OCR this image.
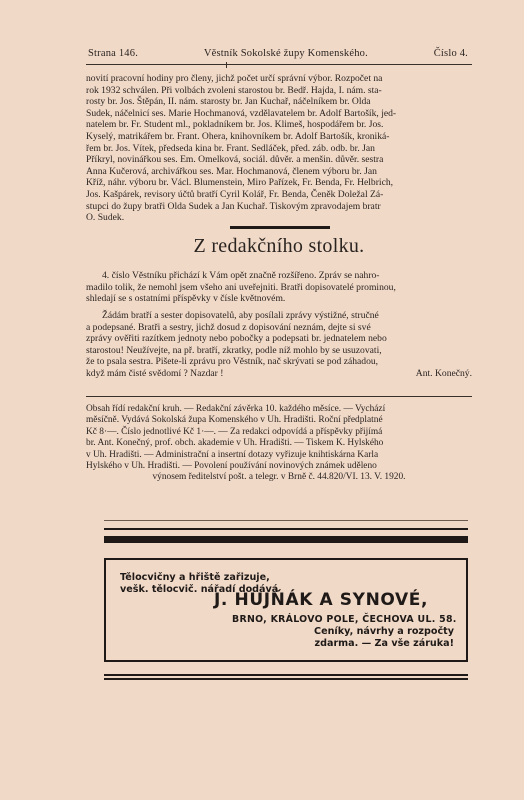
Strana 146.	Věstník Sokolské župy Komenského.	Číslo 4.

novití pracovní hodiny pro členy, jichž počet určí správní výbor. Rozpočet na

rok 1932 schválen. Při volbách zvoleni starostou br. Bedř. Hajda, I. nám. sta-

rosty br. Jos. Štěpán, II. nám. starosty br. Jan Kuchař, náčelníkem br. Olda

Sudek, náčelnicí ses. Marie Hochmanová, vzdělavatelem br. Adolf Bartošík, jed-

natelem br. Fr. Student ml., pokladníkem br. Jos. Klimeš, hospodářem br. Jos.

Kyselý, matrikářem br. Frant. Ohera, knihovníkem br. Adolf Bartošík, kroniká-

řem br. Jos. Vítek, předseda kina br. Frant. Sedláček, před. záb. odb. br. Jan

Příkryl, novinářkou ses. Em. Omelková, sociál. důvěr. a menšin. důvěr. sestra

Anna Kučerová, archivářkou ses. Mar. Hochmanová, členem výboru br. Jan

Kříž, náhr. výboru br. Václ. Blumenstein, Miro Pařízek, Fr. Benda, Fr. Helbrich,

Jos. Kašpárek, revisory účtů bratří Cyril Kolář, Fr. Benda, Čeněk Doležal Zá-

stupci do župy bratři Olda Sudek a Jan Kuchař. Tiskovým zpravodajem bratr

O. Sudek.

Z redakčního stolku.

4. číslo Věstníku přichází k Vám opět značně rozšířeno. Zpráv se nahro-

madilo tolik, že nemohl jsem všeho ani uveřejniti. Bratři dopisovatelé prominou,

shledají se s ostatními příspěvky v čísle květnovém.

Žádám bratří a sester dopisovatelů, aby posílali zprávy výstižné, stručné

a podepsané. Bratři a sestry, jichž dosud z dopisování neznám, dejte si své

zprávy ověřiti razítkem jednoty nebo pobočky a podepsati br. jednatelem nebo

starostou! Neužívejte, na př. bratří, zkratky, podle níž mohlo by se usuzovati,

že to psala sestra. Pišete-li zprávu pro Věstník, nač skrývati se pod záhadou,

když mám čisté svědomí ? Nazdar !	Ant. Konečný.

Obsah řídí redakční kruh. — Redakční závěrka 10. každého měsíce. — Vychází

měsíčně. Vydává Sokolská župa Komenského v Uh. Hradišti. Roční předplatné

Kč 8·—. Číslo jednotlivé Kč 1·—. — Za redakci odpovídá a příspěvky přijímá

br. Ant. Konečný, prof. obch. akademie v Uh. Hradišti. — Tiskem K. Hylského

v Uh. Hradišti. — Administrační a insertní dotazy vyřizuje knihtiskárna Karla

Hylského v Uh. Hradišti. — Povolení používání novinových známek uděleno

výnosem ředitelství pošt. a telegr. v Brně č. 44.820/VI. 13. V. 1920.

Tělocvičny a hřiště zařizuje,
vešk. tělocvič. nářadí dodává
J. HUJŇÁK A SYNOVÉ,
BRNO, KRÁLOVO POLE, ČECHOVA UL. 58.
Ceníky, návrhy a rozpočty
zdarma. — Za vše záruka!
